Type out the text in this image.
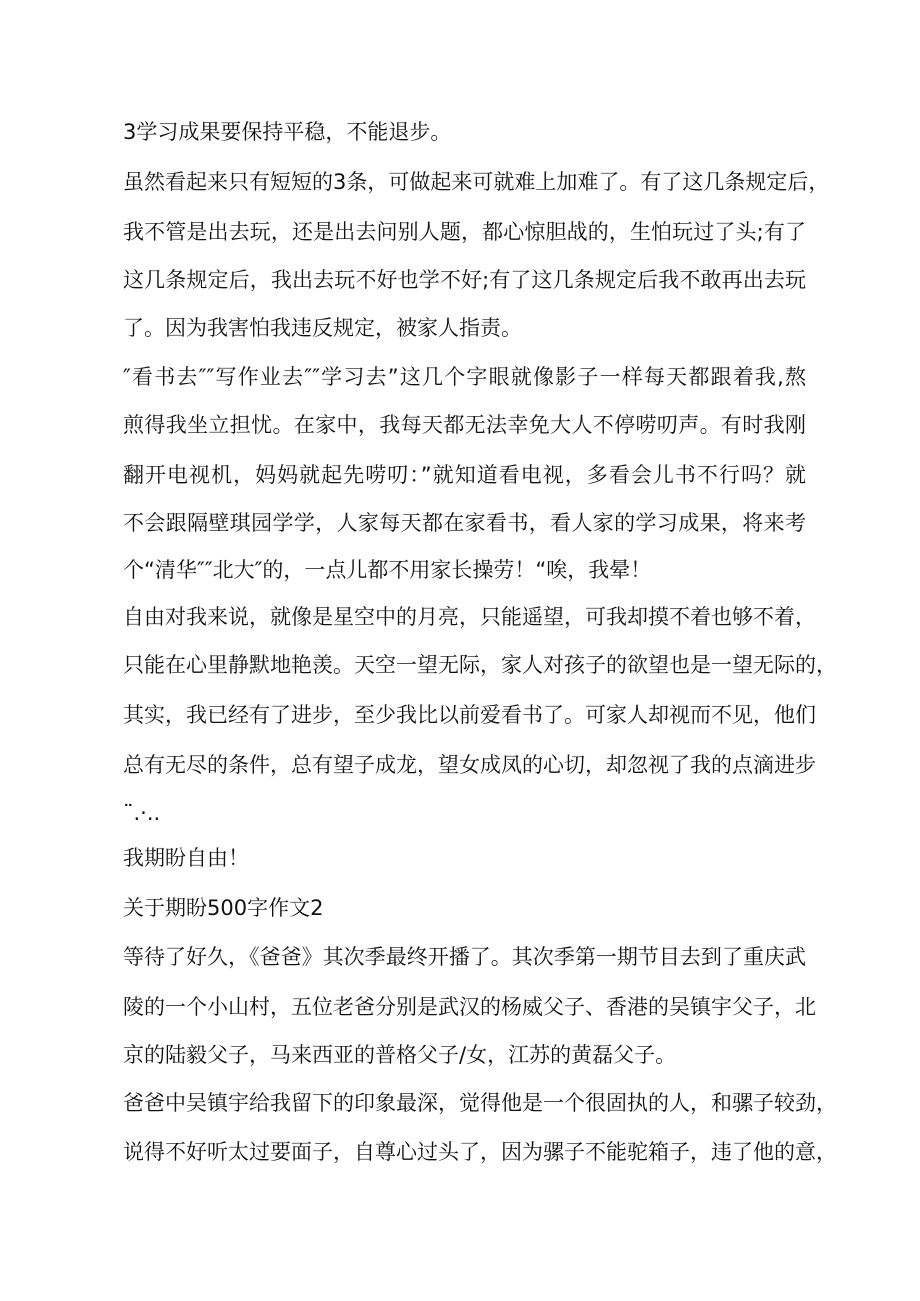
3学习成果要保持平稳，不能退步。
虽然看起来只有短短的3条，可做起来可就难上加难了。有了这几条规定后，
我不管是出去玩，还是出去问别人题，都心惊胆战的，生怕玩过了头;有了
这几条规定后，我出去玩不好也学不好;有了这几条规定后我不敢再出去玩
了。因为我害怕我违反规定，被家人指责。
″看书去″″写作业去″″学习去”这几个字眼就像影子一样每天都跟着我,熬
煎得我坐立担忧。在家中，我每天都无法幸免大人不停唠叨声。有时我刚
翻开电视机，妈妈就起先唠叨：”就知道看电视，多看会儿书不行吗？就
不会跟隔壁琪园学学，人家每天都在家看书，看人家的学习成果，将来考
个“清华″″北大″的，一点儿都不用家长操劳！“唉，我晕！
自由对我来说，就像是星空中的月亮，只能遥望，可我却摸不着也够不着，
只能在心里静默地艳羡。天空一望无际，家人对孩子的欲望也是一望无际的，
其实，我已经有了进步，至少我比以前爱看书了。可家人却视而不见，他们
总有无尽的条件，总有望子成龙，望女成凤的心切，却忽视了我的点滴进步
¨.·..
我期盼自由！
关于期盼500字作文2
等待了好久，《爸爸》其次季最终开播了。其次季第一期节目去到了重庆武
陵的一个小山村，五位老爸分别是武汉的杨威父子、香港的吴镇宇父子，北
京的陆毅父子，马来西亚的普格父子/女，江苏的黄磊父子。
爸爸中吴镇宇给我留下的印象最深，觉得他是一个很固执的人，和骡子较劲，
说得不好听太过要面子，自尊心过头了，因为骡子不能驼箱子，违了他的意，
